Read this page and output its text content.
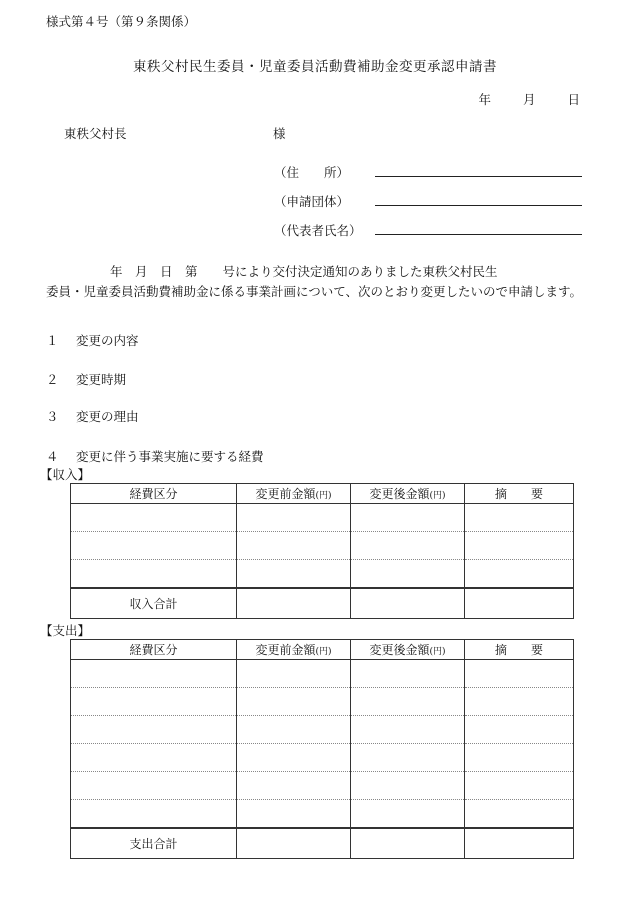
様式第４号（第９条関係）
東秩父村民生委員・児童委員活動費補助金変更承認申請書
年	月	日
東秩父村長	様
（住　　所）
（申請団体）
（代表者氏名）
年　月　日　第　　号により交付決定通知のありました東秩父村民生
委員・児童委員活動費補助金に係る事業計画について、次のとおり変更したいので申請します。
１ 変更の内容
２ 変更時期
３ 変更の理由
４ 変更に伴う事業実施に要する経費
【収入】
経費区分	変更前金額(円)	変更後金額(円)	摘　　要

収入合計			
【支出】
経費区分	変更前金額(円)	変更後金額(円)	摘　　要

支出合計			
